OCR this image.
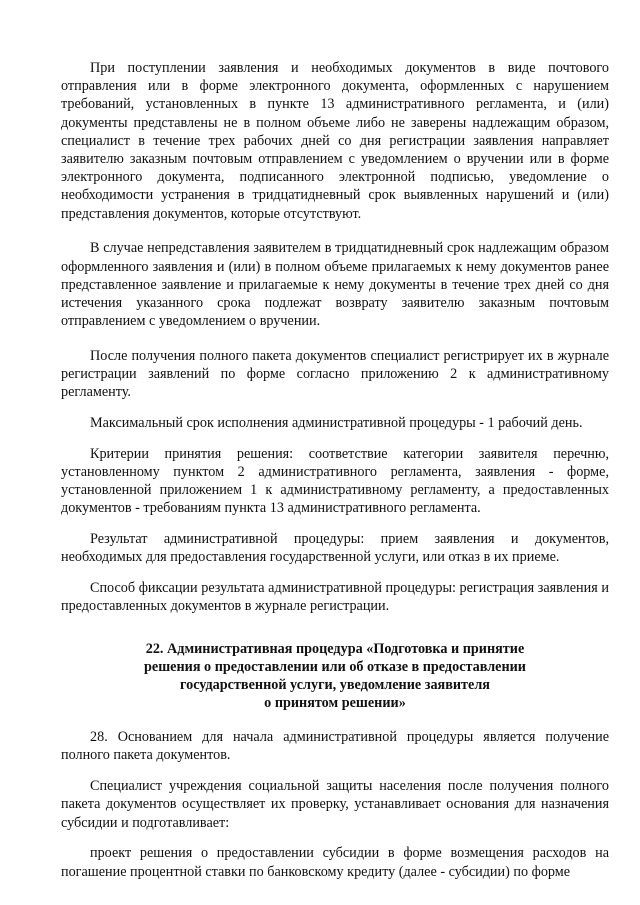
При поступлении заявления и необходимых документов в виде почтового отправления или в форме электронного документа, оформленных с нарушением требований, установленных в пункте 13 административного регламента, и (или) документы представлены не в полном объеме либо не заверены надлежащим образом, специалист в течение трех рабочих дней со дня регистрации заявления направляет заявителю заказным почтовым отправлением с уведомлением о вручении или в форме электронного документа, подписанного электронной подписью, уведомление о необходимости устранения в тридцатидневный срок выявленных нарушений и (или) представления документов, которые отсутствуют.

В случае непредставления заявителем в тридцатидневный срок надлежащим образом оформленного заявления и (или) в полном объеме прилагаемых к нему документов ранее представленное заявление и прилагаемые к нему документы в течение трех дней со дня истечения указанного срока подлежат возврату заявителю заказным почтовым отправлением с уведомлением о вручении.

После получения полного пакета документов специалист регистрирует их в журнале регистрации заявлений по форме согласно приложению 2 к административному регламенту.

Максимальный срок исполнения административной процедуры - 1 рабочий день.

Критерии принятия решения: соответствие категории заявителя перечню, установленному пунктом 2 административного регламента, заявления - форме, установленной приложением 1 к административному регламенту, а предоставленных документов - требованиям пункта 13 административного регламента.

Результат административной процедуры: прием заявления и документов, необходимых для предоставления государственной услуги, или отказ в их приеме.

Способ фиксации результата административной процедуры: регистрация заявления и предоставленных документов в журнале регистрации.

22. Административная процедура «Подготовка и принятие
решения о предоставлении или об отказе в предоставлении
государственной услуги, уведомление заявителя
о принятом решении»

28. Основанием для начала административной процедуры является получение полного пакета документов.

Специалист учреждения социальной защиты населения после получения полного пакета документов осуществляет их проверку, устанавливает основания для назначения субсидии и подготавливает:

проект решения о предоставлении субсидии в форме возмещения расходов на погашение процентной ставки по банковскому кредиту (далее - субсидии) по форме
